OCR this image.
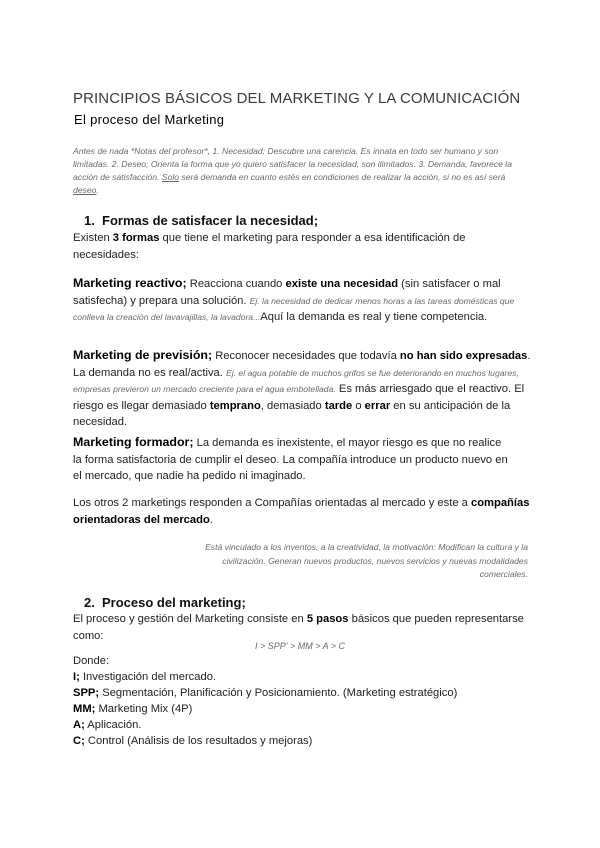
PRINCIPIOS BÁSICOS DEL MARKETING Y LA COMUNICACIÓN
El proceso del Marketing
Antes de nada *Notas del profesor*, 1. Necesidad; Descubre una carencia. Es innata en todo ser humano y son limitadas. 2. Deseo; Orienta la forma que yo quiero satisfacer la necesidad, son ilimitados. 3. Demanda, favorece la acción de satisfacción. Solo será demanda en cuanto estés en condiciones de realizar la acción, si no es así será deseo.
1. Formas de satisfacer la necesidad;
Existen 3 formas que tiene el marketing para responder a esa identificación de necesidades:
Marketing reactivo; Reacciona cuando existe una necesidad (sin satisfacer o mal satisfecha) y prepara una solución. Ej. la necesidad de dedicar menos horas a las tareas domésticas que conlleva la creación del lavavajillas, la lavadora...Aquí la demanda es real y tiene competencia.
Marketing de previsión; Reconocer necesidades que todavía no han sido expresadas. La demanda no es real/activa. Ej. el agua potable de muchos grifos se fue deteriorando en muchos lugares, empresas previeron un mercado creciente para el agua embotellada. Es más arriesgado que el reactivo. El riesgo es llegar demasiado temprano, demasiado tarde o errar en su anticipación de la necesidad.
Marketing formador; La demanda es inexistente, el mayor riesgo es que no realice la forma satisfactoria de cumplir el deseo. La compañía introduce un producto nuevo en el mercado, que nadie ha pedido ni imaginado.
Los otros 2 marketings responden a Compañías orientadas al mercado y este a compañías orientadoras del mercado.
Está vinculado a los inventos, a la creatividad, la motivación: Modifican la cultura y la civilización. Generan nuevos productos, nuevos servicios y nuevas modalidades comerciales.
2. Proceso del marketing;
El proceso y gestión del Marketing consiste en 5 pasos básicos que pueden representarse como:
I > SPP' > MM > A > C
Donde:
I; Investigación del mercado.
SPP; Segmentación, Planificación y Posicionamiento. (Marketing estratégico)
MM; Marketing Mix (4P)
A; Aplicación.
C; Control (Análisis de los resultados y mejoras)
